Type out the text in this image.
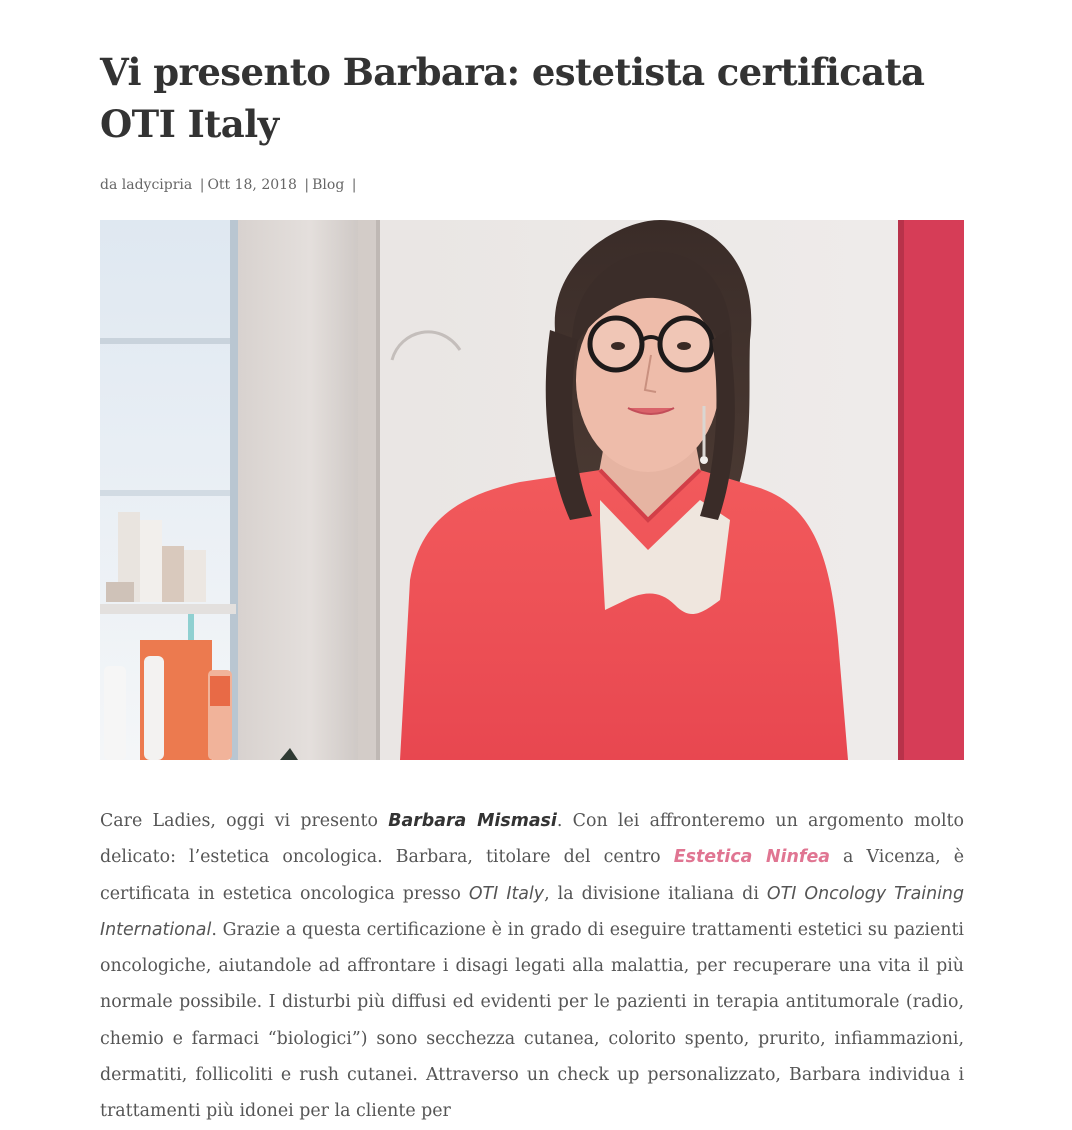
Vi presento Barbara: estetista certificata OTI Italy
da ladycipria | Ott 18, 2018 | Blog |

Care Ladies, oggi vi presento Barbara Mismasi. Con lei affronteremo un argomento molto delicato: l’estetica oncologica. Barbara, titolare del centro Estetica Ninfea a Vicenza, è certificata in estetica oncologica presso OTI Italy, la divisione italiana di OTI Oncology Training International. Grazie a questa certificazione è in grado di eseguire trattamenti estetici su pazienti oncologiche, aiutandole ad affrontare i disagi legati alla malattia, per recuperare una vita il più normale possibile. I disturbi più diffusi ed evidenti per le pazienti in terapia antitumorale (radio, chemio e farmaci “biologici”) sono secchezza cutanea, colorito spento, prurito, infiammazioni, dermatiti, follicoliti e rush cutanei. Attraverso un check up personalizzato, Barbara individua i trattamenti più idonei per la cliente per
